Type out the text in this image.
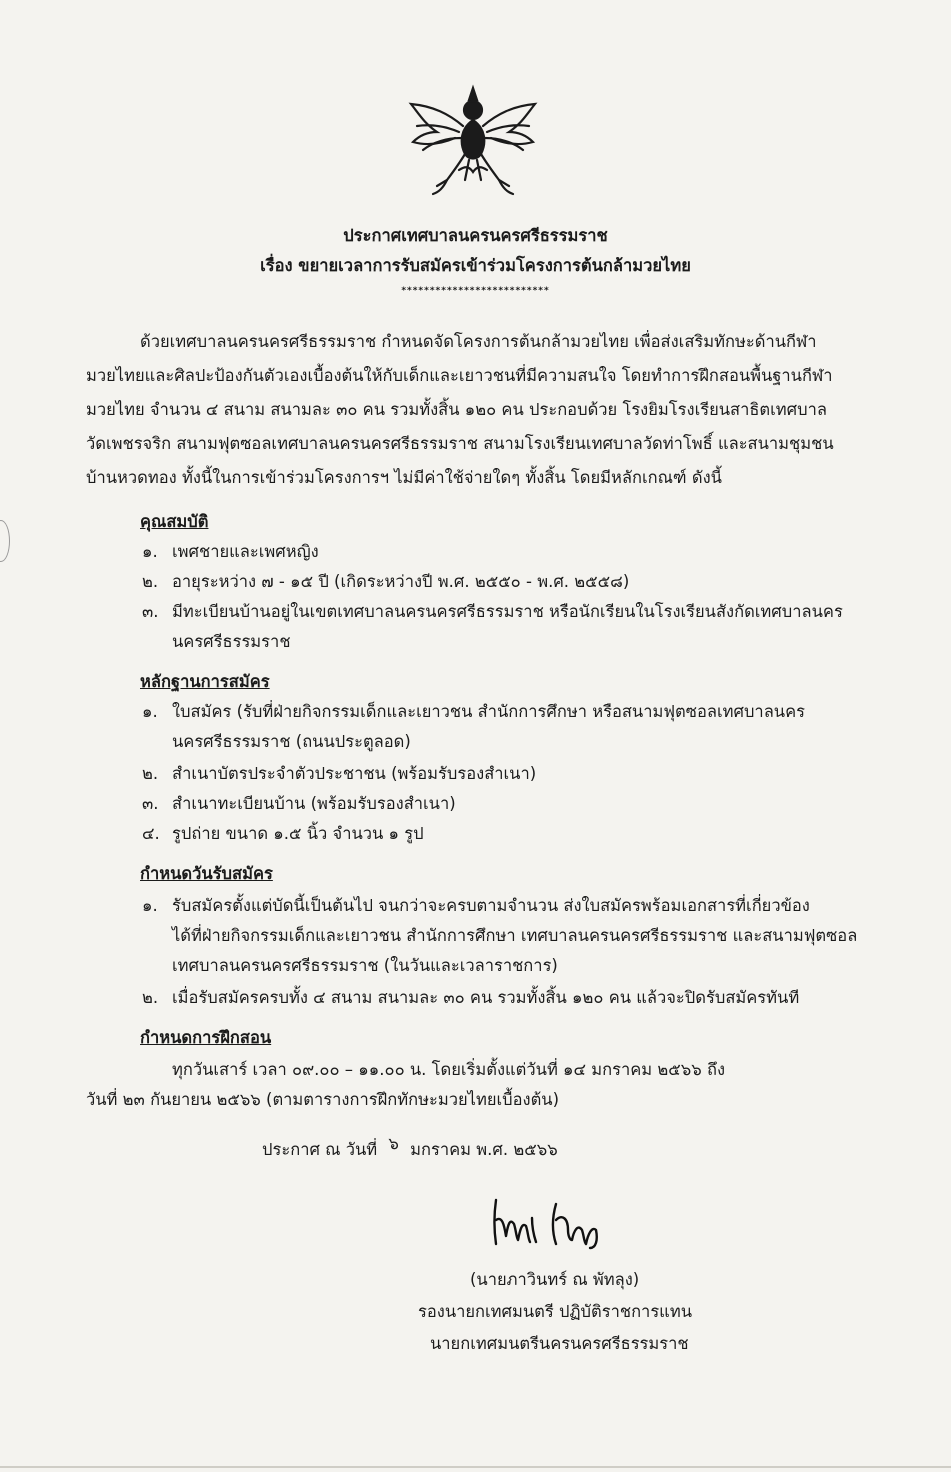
ประกาศเทศบาลนครนครศรีธรรมราช
เรื่อง ขยายเวลาการรับสมัครเข้าร่วมโครงการต้นกล้ามวยไทย
**************************
ด้วยเทศบาลนครนครศรีธรรมราช กำหนดจัดโครงการต้นกล้ามวยไทย เพื่อส่งเสริมทักษะด้านกีฬา
มวยไทยและศิลปะป้องกันตัวเองเบื้องต้นให้กับเด็กและเยาวชนที่มีความสนใจ โดยทำการฝึกสอนพื้นฐานกีฬา
มวยไทย จำนวน ๔ สนาม สนามละ ๓๐ คน รวมทั้งสิ้น ๑๒๐ คน ประกอบด้วย โรงยิมโรงเรียนสาธิตเทศบาล
วัดเพชรจริก สนามฟุตซอลเทศบาลนครนครศรีธรรมราช สนามโรงเรียนเทศบาลวัดท่าโพธิ์ และสนามชุมชน
บ้านหวดทอง ทั้งนี้ในการเข้าร่วมโครงการฯ ไม่มีค่าใช้จ่ายใดๆ ทั้งสิ้น โดยมีหลักเกณฑ์ ดังนี้
คุณสมบัติ
๑. เพศชายและเพศหญิง
๒. อายุระหว่าง ๗ - ๑๕ ปี (เกิดระหว่างปี พ.ศ. ๒๕๕๐ - พ.ศ. ๒๕๕๘)
๓. มีทะเบียนบ้านอยู่ในเขตเทศบาลนครนครศรีธรรมราช หรือนักเรียนในโรงเรียนสังกัดเทศบาลนคร
นครศรีธรรมราช
หลักฐานการสมัคร
๑. ใบสมัคร (รับที่ฝ่ายกิจกรรมเด็กและเยาวชน สำนักการศึกษา หรือสนามฟุตซอลเทศบาลนคร
นครศรีธรรมราช (ถนนประตูลอด)
๒. สำเนาบัตรประจำตัวประชาชน (พร้อมรับรองสำเนา)
๓. สำเนาทะเบียนบ้าน (พร้อมรับรองสำเนา)
๔. รูปถ่าย ขนาด ๑.๕ นิ้ว จำนวน ๑ รูป
กำหนดวันรับสมัคร
๑. รับสมัครตั้งแต่บัดนี้เป็นต้นไป จนกว่าจะครบตามจำนวน ส่งใบสมัครพร้อมเอกสารที่เกี่ยวข้อง
ได้ที่ฝ่ายกิจกรรมเด็กและเยาวชน สำนักการศึกษา เทศบาลนครนครศรีธรรมราช และสนามฟุตซอล
เทศบาลนครนครศรีธรรมราช (ในวันและเวลาราชการ)
๒. เมื่อรับสมัครครบทั้ง ๔ สนาม สนามละ ๓๐ คน รวมทั้งสิ้น ๑๒๐ คน แล้วจะปิดรับสมัครทันที
กำหนดการฝึกสอน
ทุกวันเสาร์ เวลา ๐๙.๐๐ – ๑๑.๐๐ น. โดยเริ่มตั้งแต่วันที่ ๑๔ มกราคม ๒๕๖๖ ถึง
วันที่ ๒๓ กันยายน ๒๕๖๖ (ตามตารางการฝึกทักษะมวยไทยเบื้องต้น)
ประกาศ ณ วันที่ ๖ มกราคม พ.ศ. ๒๕๖๖
(นายภาวินทร์ ณ พัทลุง)
รองนายกเทศมนตรี ปฏิบัติราชการแทน
นายกเทศมนตรีนครนครศรีธรรมราช
